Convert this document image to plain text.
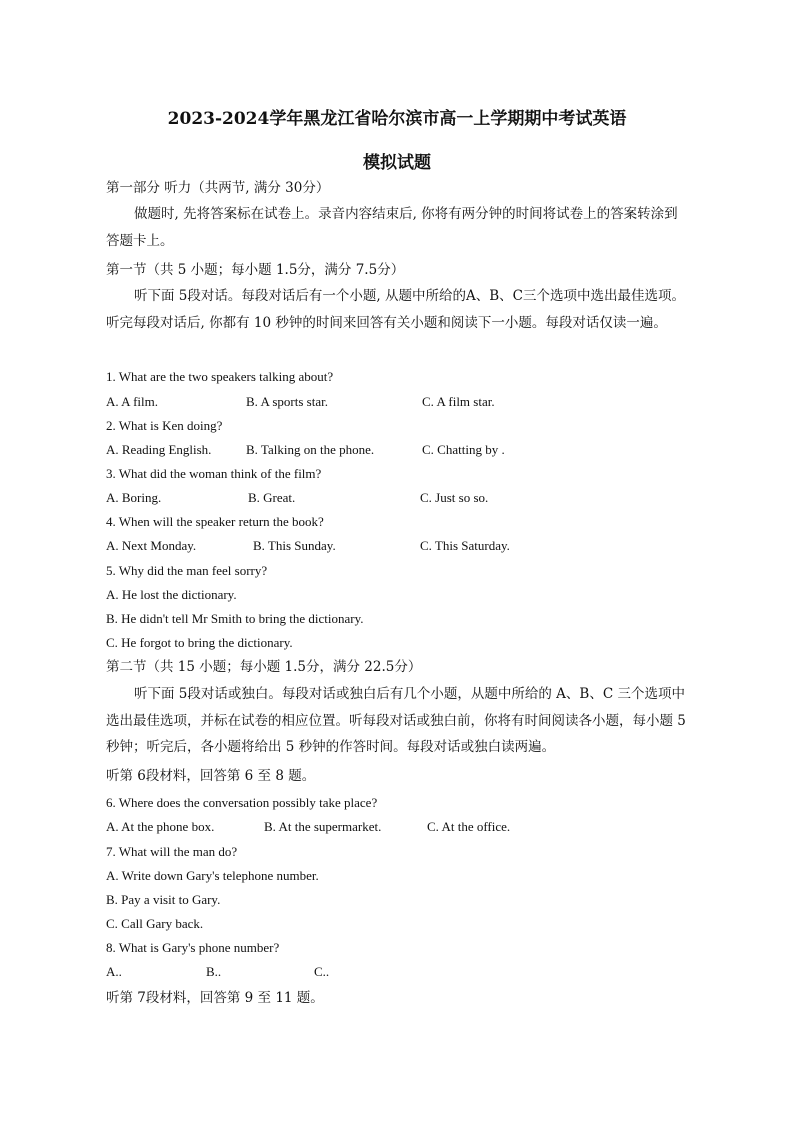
2023-2024学年黑龙江省哈尔滨市高一上学期期中考试英语
模拟试题
第一部分 听力（共两节, 满分 30分）
做题时, 先将答案标在试卷上。录音内容结束后, 你将有两分钟的时间将试卷上的答案转涂到答题卡上。
第一节（共 5 小题；每小题 1.5分，满分 7.5分）
听下面 5段对话。每段对话后有一个小题, 从题中所给的A、B、C三个选项中选出最佳选项。听完每段对话后, 你都有 10 秒钟的时间来回答有关小题和阅读下一小题。每段对话仅读一遍。
1. What are the two speakers talking about?
A. A film.	B. A sports star.	C. A film star.
2. What is Ken doing?
A. Reading English.	B. Talking on the phone.	C. Chatting by .
3. What did the woman think of the film?
A. Boring.	B. Great.	C. Just so so.
4. When will the speaker return the book?
A. Next Monday.	B. This Sunday.	C. This Saturday.
5. Why did the man feel sorry?
A. He lost the dictionary.
B. He didn't tell Mr Smith to bring the dictionary.
C. He forgot to bring the dictionary.
第二节（共 15 小题；每小题 1.5分，满分 22.5分）
听下面 5段对话或独白。每段对话或独白后有几个小题，从题中所给的 A、B、C 三个选项中选出最佳选项，并标在试卷的相应位置。听每段对话或独白前，你将有时间阅读各小题，每小题 5 秒钟；听完后，各小题将给出 5 秒钟的作答时间。每段对话或独白读两遍。
听第 6段材料，回答第 6 至 8 题。
6. Where does the conversation possibly take place?
A. At the phone box.	B. At the supermarket.	C. At the office.
7. What will the man do?
A. Write down Gary's telephone number.
B. Pay a visit to Gary.
C. Call Gary back.
8. What is Gary's phone number?
A..	B..	C..
听第 7段材料，回答第 9 至 11 题。
